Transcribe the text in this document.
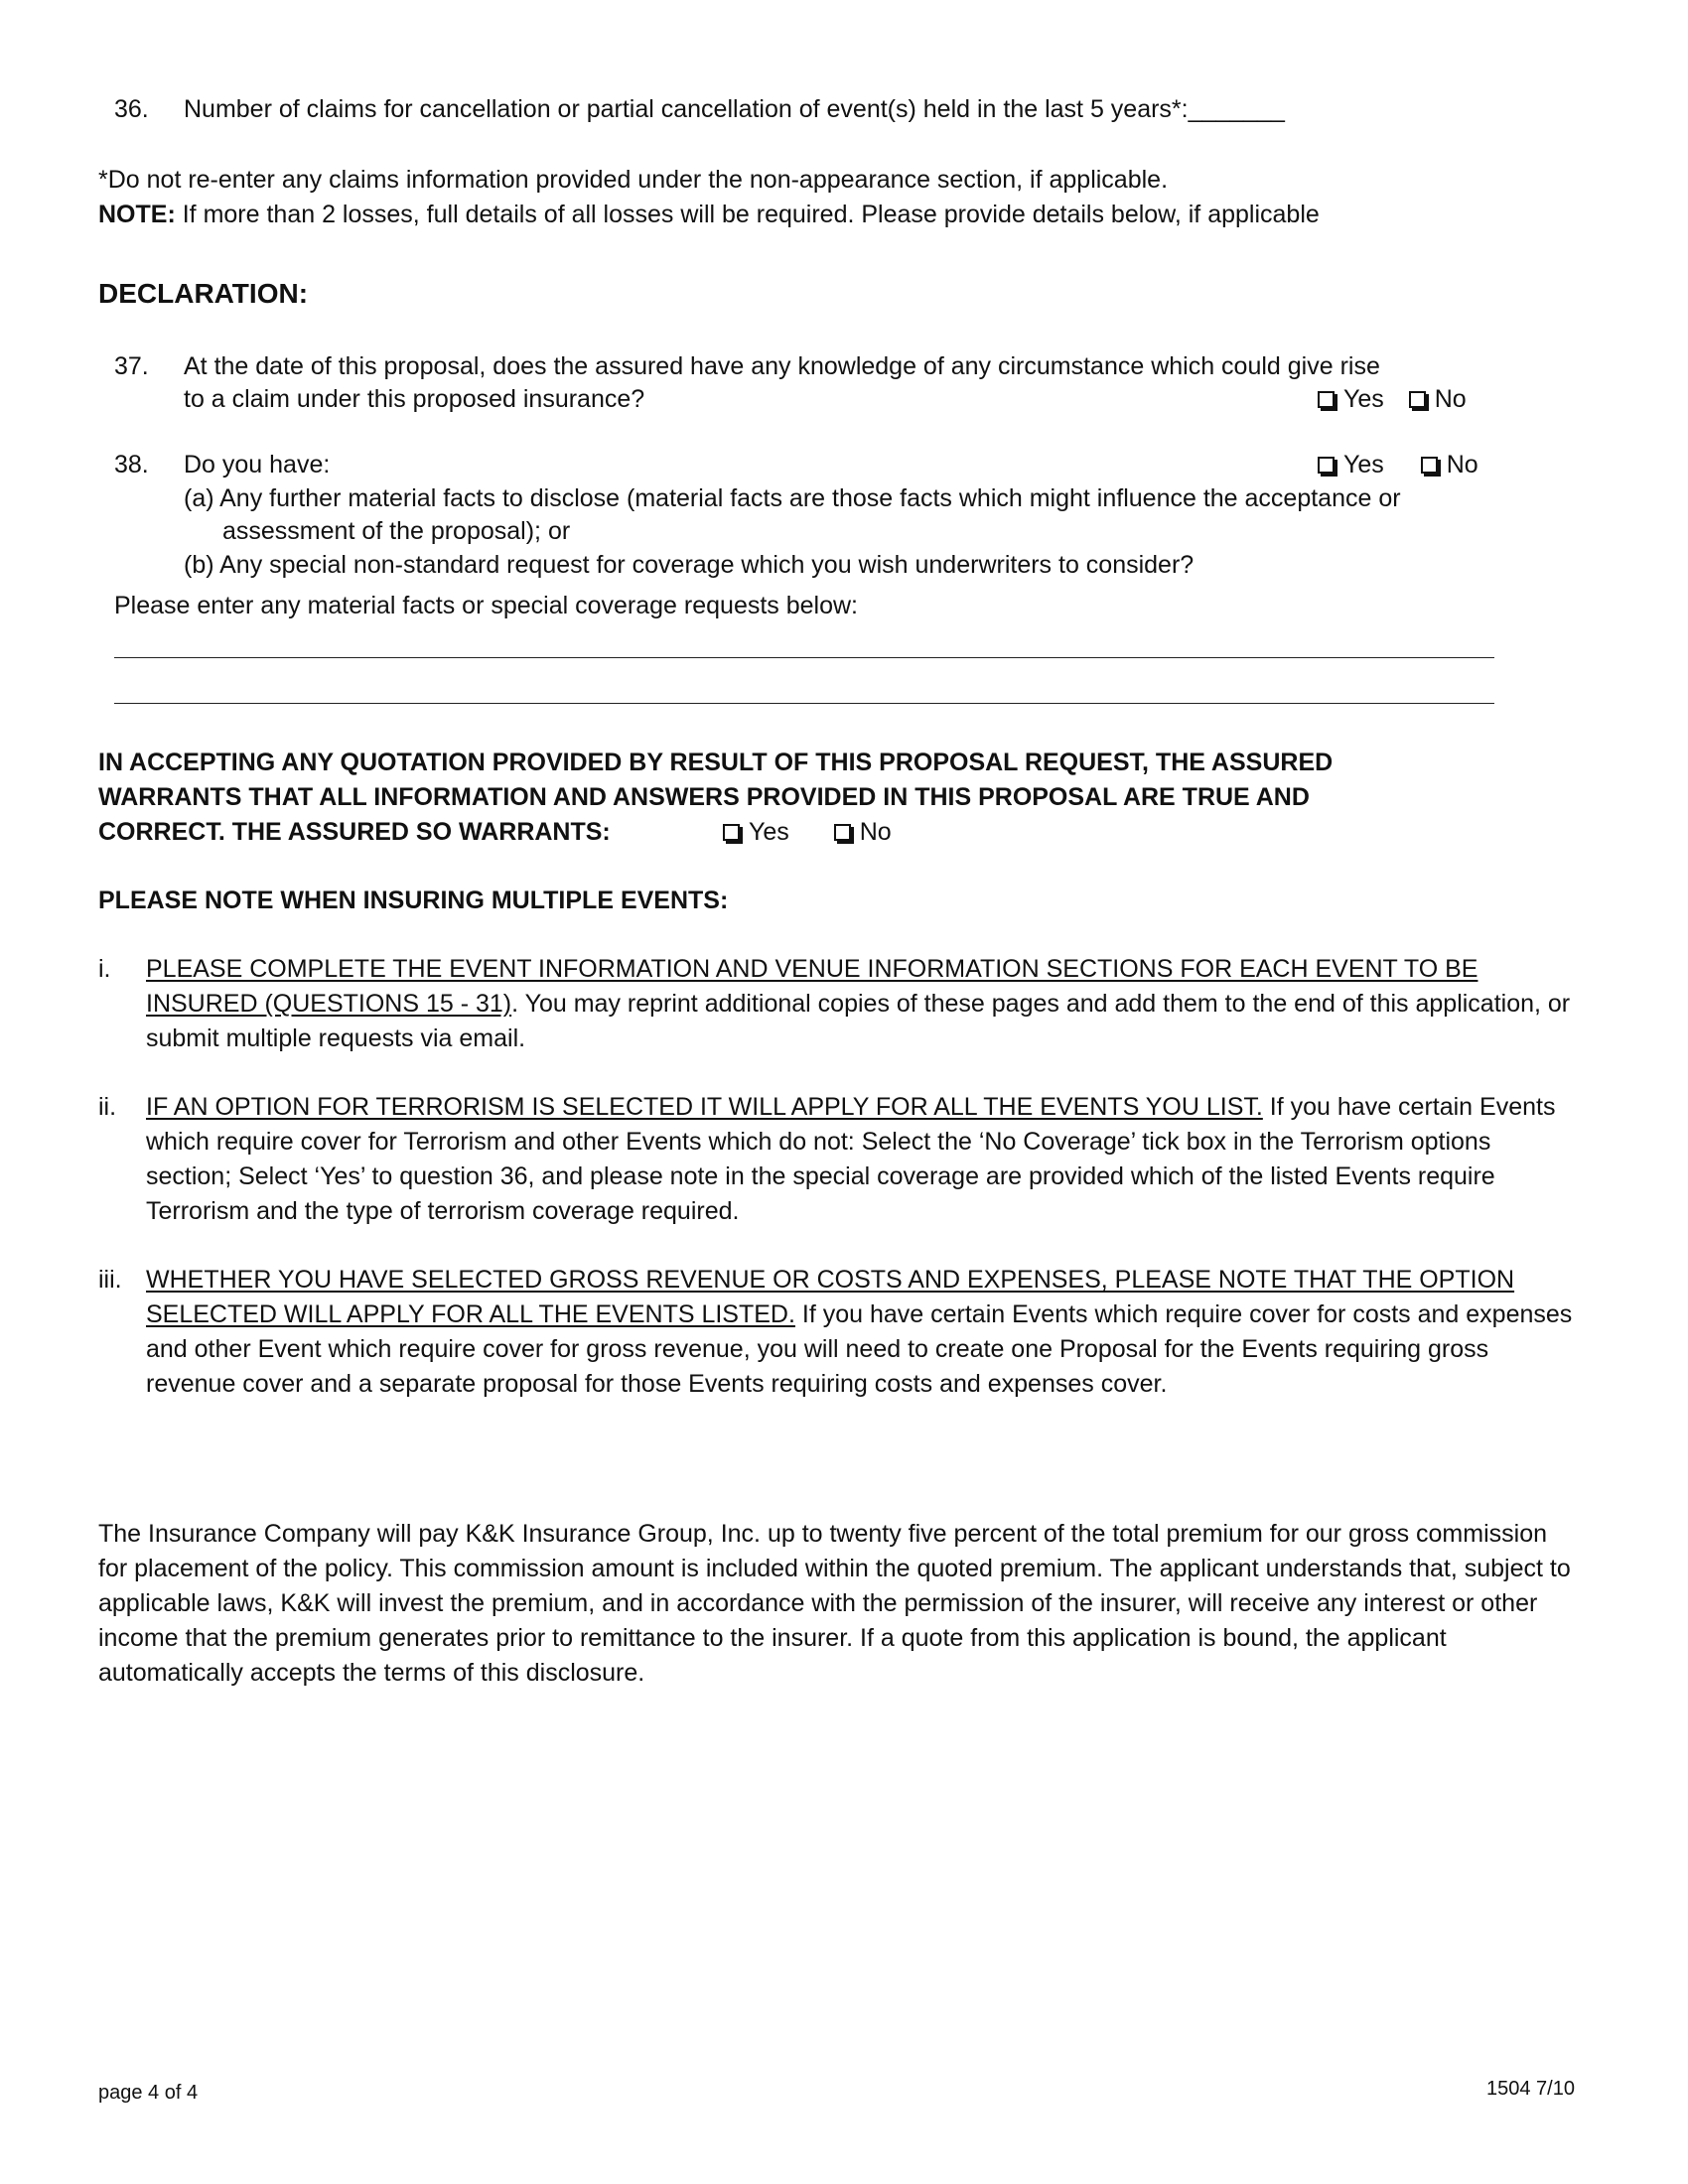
36. Number of claims for cancellation or partial cancellation of event(s) held in the last 5 years*:_______
*Do not re-enter any claims information provided under the non-appearance section, if applicable.
NOTE: If more than 2 losses, full details of all losses will be required. Please provide details below, if applicable
DECLARATION:
37. At the date of this proposal, does the assured have any knowledge of any circumstance which could give rise
to a claim under this proposed insurance?	Yes No
38. Do you have:	Yes	No
(a) Any further material facts to disclose (material facts are those facts which might influence the acceptance or
assessment of the proposal); or
(b) Any special non-standard request for coverage which you wish underwriters to consider?
Please enter any material facts or special coverage requests below:
IN ACCEPTING ANY QUOTATION PROVIDED BY RESULT OF THIS PROPOSAL REQUEST, THE ASSURED
WARRANTS THAT ALL INFORMATION AND ANSWERS PROVIDED IN THIS PROPOSAL ARE TRUE AND
CORRECT. THE ASSURED SO WARRANTS:	Yes	No
PLEASE NOTE WHEN INSURING MULTIPLE EVENTS:
i. PLEASE COMPLETE THE EVENT INFORMATION AND VENUE INFORMATION SECTIONS FOR EACH EVENT TO BE INSURED (QUESTIONS 15 - 31). You may reprint additional copies of these pages and add them to the end of this application, or submit multiple requests via email.
ii. IF AN OPTION FOR TERRORISM IS SELECTED IT WILL APPLY FOR ALL THE EVENTS YOU LIST. If you have certain Events which require cover for Terrorism and other Events which do not: Select the ‘No Coverage’ tick box in the Terrorism options section; Select ‘Yes’ to question 36, and please note in the special coverage are provided which of the listed Events require Terrorism and the type of terrorism coverage required.
iii. WHETHER YOU HAVE SELECTED GROSS REVENUE OR COSTS AND EXPENSES, PLEASE NOTE THAT THE OPTION SELECTED WILL APPLY FOR ALL THE EVENTS LISTED. If you have certain Events which require cover for costs and expenses and other Event which require cover for gross revenue, you will need to create one Proposal for the Events requiring gross revenue cover and a separate proposal for those Events requiring costs and expenses cover.
The Insurance Company will pay K&K Insurance Group, Inc. up to twenty five percent of the total premium for our gross commission for placement of the policy. This commission amount is included within the quoted premium. The applicant understands that, subject to applicable laws, K&K will invest the premium, and in accordance with the permission of the insurer, will receive any interest or other income that the premium generates prior to remittance to the insurer. If a quote from this application is bound, the applicant automatically accepts the terms of this disclosure.
page 4 of 4	1504 7/10
